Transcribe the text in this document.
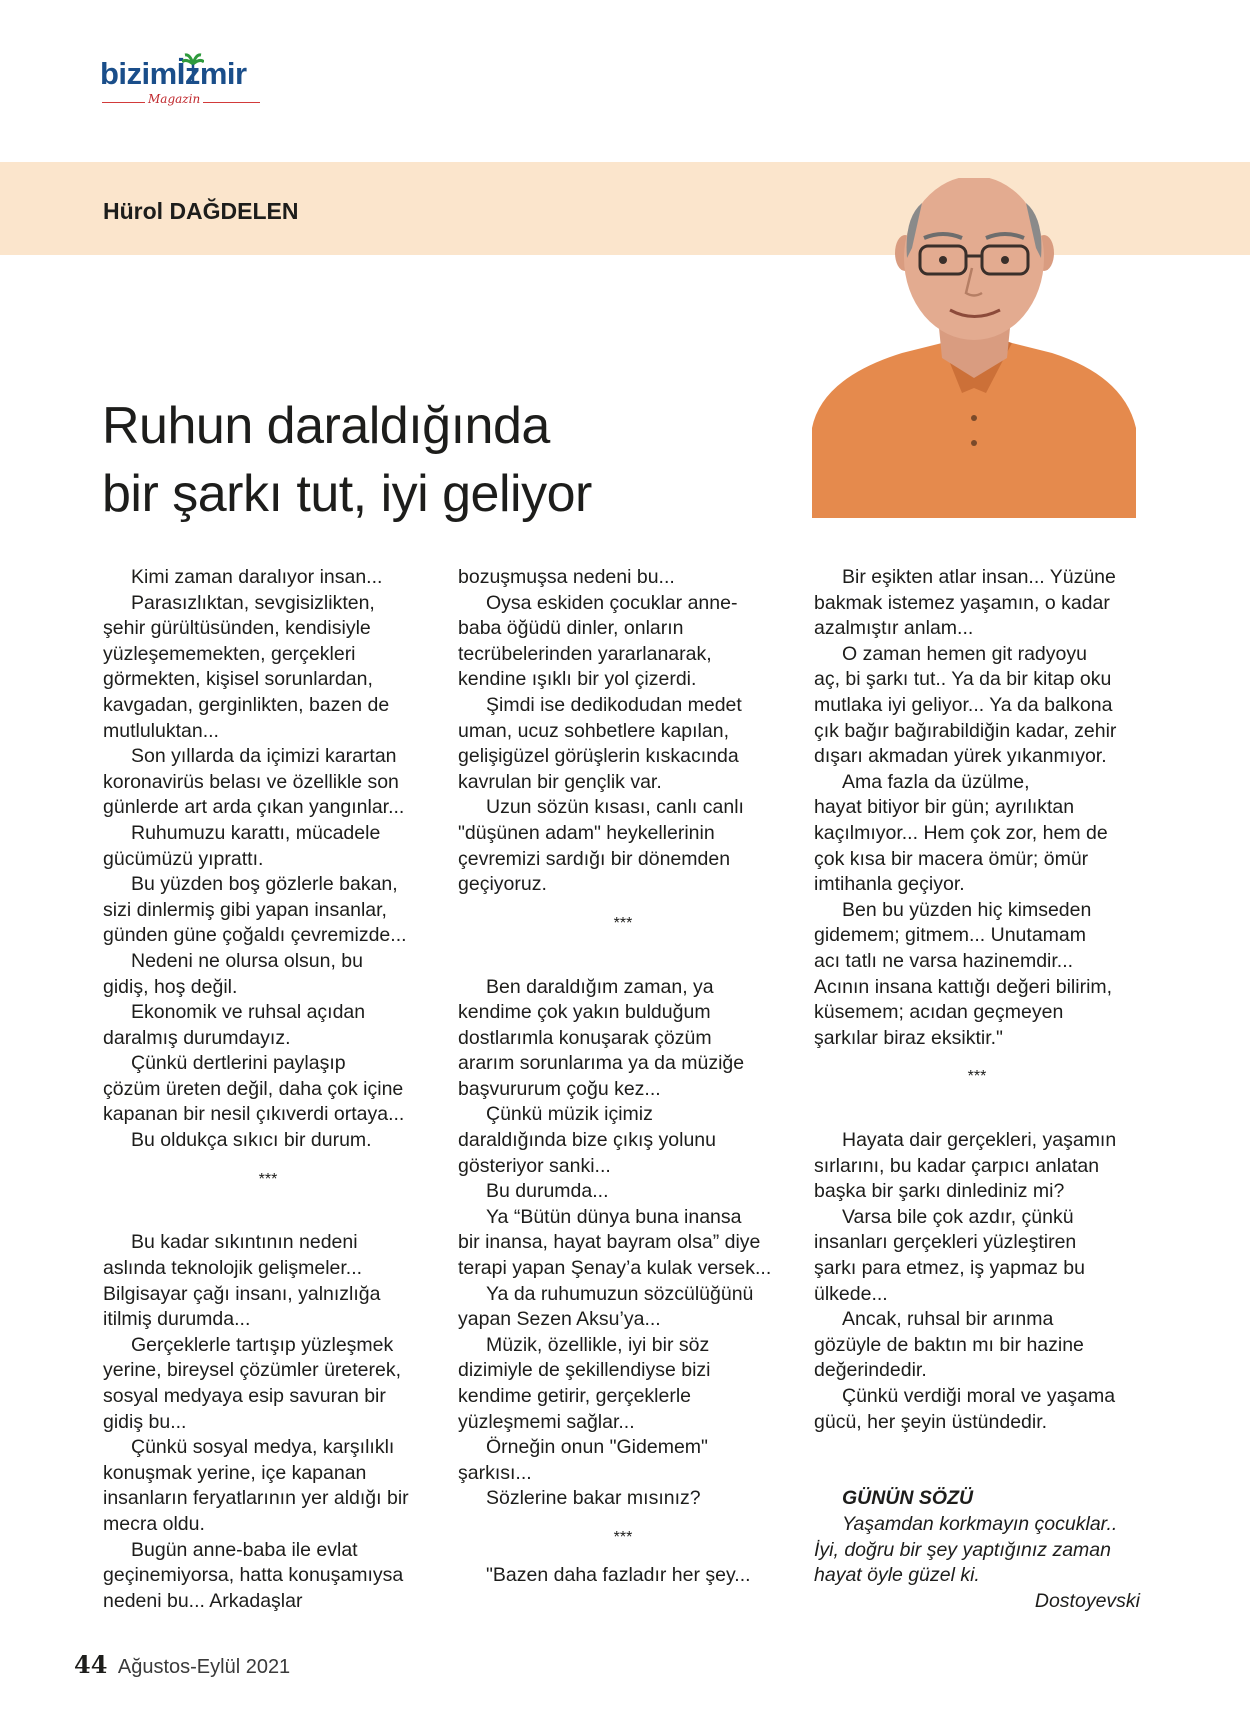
bizimİzmir
Magazin
Hürol DAĞDELEN
Ruhun daraldığında
bir şarkı tut, iyi geliyor

Kimi zaman daralıyor insan...

Parasızlıktan, sevgisizlikten,

şehir gürültüsünden, kendisiyle

yüzleşememekten, gerçekleri

görmekten, kişisel sorunlardan,

kavgadan, gerginlikten, bazen de

mutluluktan...

Son yıllarda da içimizi karartan

koronavirüs belası ve özellikle son

günlerde art arda çıkan yangınlar...

Ruhumuzu karattı, mücadele

gücümüzü yıprattı.

Bu yüzden boş gözlerle bakan,

sizi dinlermiş gibi yapan insanlar,

günden güne çoğaldı çevremizde...

Nedeni ne olursa olsun, bu

gidiş, hoş değil.

Ekonomik ve ruhsal açıdan

daralmış durumdayız.

Çünkü dertlerini paylaşıp

çözüm üreten değil, daha çok içine

kapanan bir nesil çıkıverdi ortaya...

Bu oldukça sıkıcı bir durum.

***

Bu kadar sıkıntının nedeni

aslında teknolojik gelişmeler...

Bilgisayar çağı insanı, yalnızlığa

itilmiş durumda...

Gerçeklerle tartışıp yüzleşmek

yerine, bireysel çözümler üreterek,

sosyal medyaya esip savuran bir

gidiş bu...

Çünkü sosyal medya, karşılıklı

konuşmak yerine, içe kapanan

insanların feryatlarının yer aldığı bir

mecra oldu.

Bugün anne-baba ile evlat

geçinemiyorsa, hatta konuşamıysa

nedeni bu... Arkadaşlar

bozuşmuşsa nedeni bu...

Oysa eskiden çocuklar anne-

baba öğüdü dinler, onların

tecrübelerinden yararlanarak,

kendine ışıklı bir yol çizerdi.

Şimdi ise dedikodudan medet

uman, ucuz sohbetlere kapılan,

gelişigüzel görüşlerin kıskacında

kavrulan bir gençlik var.

Uzun sözün kısası, canlı canlı

"düşünen adam" heykellerinin

çevremizi sardığı bir dönemden

geçiyoruz.

***

Ben daraldığım zaman, ya

kendime çok yakın bulduğum

dostlarımla konuşarak çözüm

ararım sorunlarıma ya da müziğe

başvururum çoğu kez...

Çünkü müzik içimiz

daraldığında bize çıkış yolunu

gösteriyor sanki...

Bu durumda...

Ya “Bütün dünya buna inansa

bir inansa, hayat bayram olsa” diye

terapi yapan Şenay’a kulak versek...

Ya da ruhumuzun sözcülüğünü

yapan Sezen Aksu’ya...

Müzik, özellikle, iyi bir söz

dizimiyle de şekillendiyse bizi

kendime getirir, gerçeklerle

yüzleşmemi sağlar...

Örneğin onun "Gidemem"

şarkısı...

Sözlerine bakar mısınız?

***

"Bazen daha fazladır her şey...

Bir eşikten atlar insan... Yüzüne

bakmak istemez yaşamın, o kadar

azalmıştır anlam...

O zaman hemen git radyoyu

aç, bi şarkı tut.. Ya da bir kitap oku

mutlaka iyi geliyor... Ya da balkona

çık bağır bağırabildiğin kadar, zehir

dışarı akmadan yürek yıkanmıyor.

Ama fazla da üzülme,

hayat bitiyor bir gün; ayrılıktan

kaçılmıyor... Hem çok zor, hem de

çok kısa bir macera ömür; ömür

imtihanla geçiyor.

Ben bu yüzden hiç kimseden

gidemem; gitmem... Unutamam

acı tatlı ne varsa hazinemdir...

Acının insana kattığı değeri bilirim,

küsemem; acıdan geçmeyen

şarkılar biraz eksiktir."

***

Hayata dair gerçekleri, yaşamın

sırlarını, bu kadar çarpıcı anlatan

başka bir şarkı dinlediniz mi?

Varsa bile çok azdır, çünkü

insanları gerçekleri yüzleştiren

şarkı para etmez, iş yapmaz bu

ülkede...

Ancak, ruhsal bir arınma

gözüyle de baktın mı bir hazine

değerindedir.

Çünkü verdiği moral ve yaşama

gücü, her şeyin üstündedir.

GÜNÜN SÖZÜ
Yaşamdan korkmayın çocuklar..
İyi, doğru bir şey yaptığınız zaman
hayat öyle güzel ki.
Dostoyevski
44 Ağustos-Eylül 2021
